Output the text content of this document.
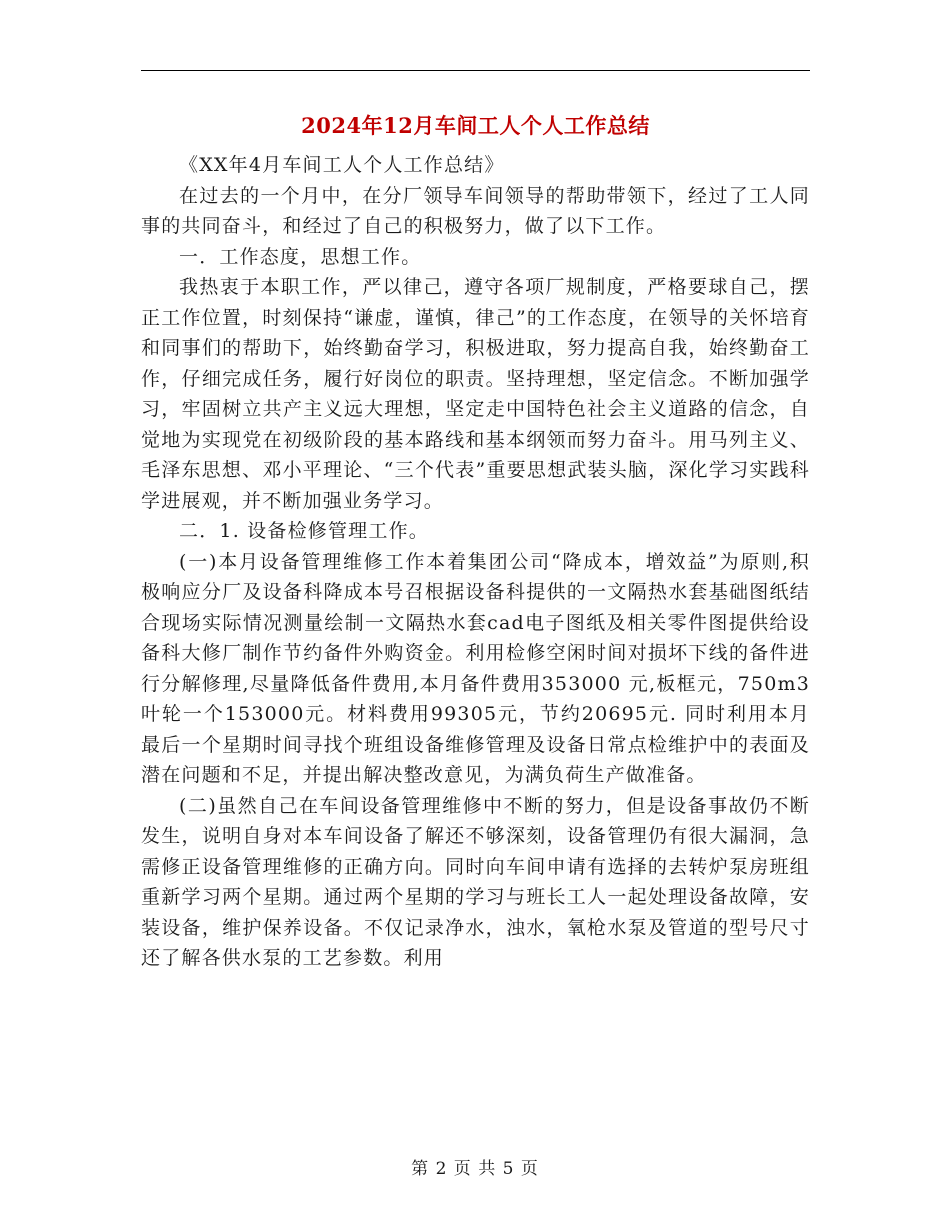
2024年12月车间工人个人工作总结

《XX年4月车间工人个人工作总结》

在过去的一个月中，在分厂领导车间领导的帮助带领下，经过了工人同事的共同奋斗，和经过了自己的积极努力，做了以下工作。

一．工作态度，思想工作。

我热衷于本职工作，严以律己，遵守各项厂规制度，严格要球自己，摆正工作位置，时刻保持“谦虚，谨慎，律己”的工作态度，在领导的关怀培育和同事们的帮助下，始终勤奋学习，积极进取，努力提高自我，始终勤奋工作，仔细完成任务，履行好岗位的职责。坚持理想，坚定信念。不断加强学习，牢固树立共产主义远大理想，坚定走中国特色社会主义道路的信念，自觉地为实现党在初级阶段的基本路线和基本纲领而努力奋斗。用马列主义、毛泽东思想、邓小平理论、“三个代表”重要思想武装头脑，深化学习实践科学进展观，并不断加强业务学习。

二．1. 设备检修管理工作。

(一)本月设备管理维修工作本着集团公司“降成本，增效益”为原则,积极响应分厂及设备科降成本号召根据设备科提供的一文隔热水套基础图纸结合现场实际情况测量绘制一文隔热水套cad电子图纸及相关零件图提供给设备科大修厂制作节约备件外购资金。利用检修空闲时间对损坏下线的备件进行分解修理,尽量降低备件费用,本月备件费用353000 元,板框元，750m3叶轮一个153000元。材料费用99305元，节约20695元. 同时利用本月最后一个星期时间寻找个班组设备维修管理及设备日常点检维护中的表面及潜在问题和不足，并提出解决整改意见，为满负荷生产做准备。

(二)虽然自己在车间设备管理维修中不断的努力，但是设备事故仍不断发生，说明自身对本车间设备了解还不够深刻，设备管理仍有很大漏洞，急需修正设备管理维修的正确方向。同时向车间申请有选择的去转炉泵房班组重新学习两个星期。通过两个星期的学习与班长工人一起处理设备故障，安装设备，维护保养设备。不仅记录净水，浊水，氧枪水泵及管道的型号尺寸还了解各供水泵的工艺参数。利用

第 2 页 共 5 页
